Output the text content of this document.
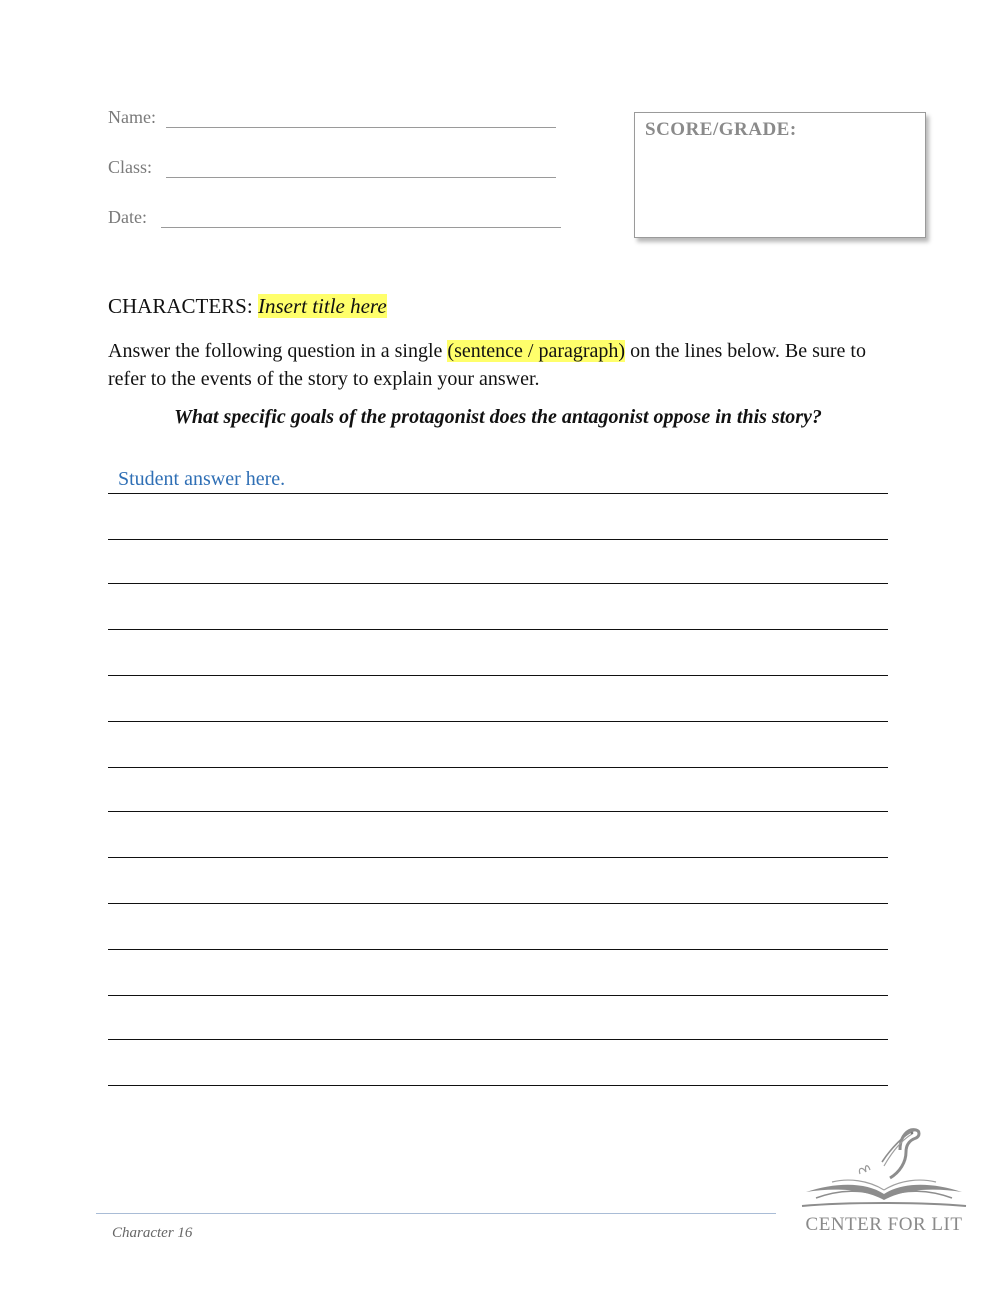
Name:
Class:
Date:
SCORE/GRADE:
CHARACTERS: Insert title here
Answer the following question in a single (sentence / paragraph) on the lines below. Be sure to refer to the events of the story to explain your answer.
What specific goals of the protagonist does the antagonist oppose in this story?
Student answer here.
Character 16	CENTER FOR LIT
